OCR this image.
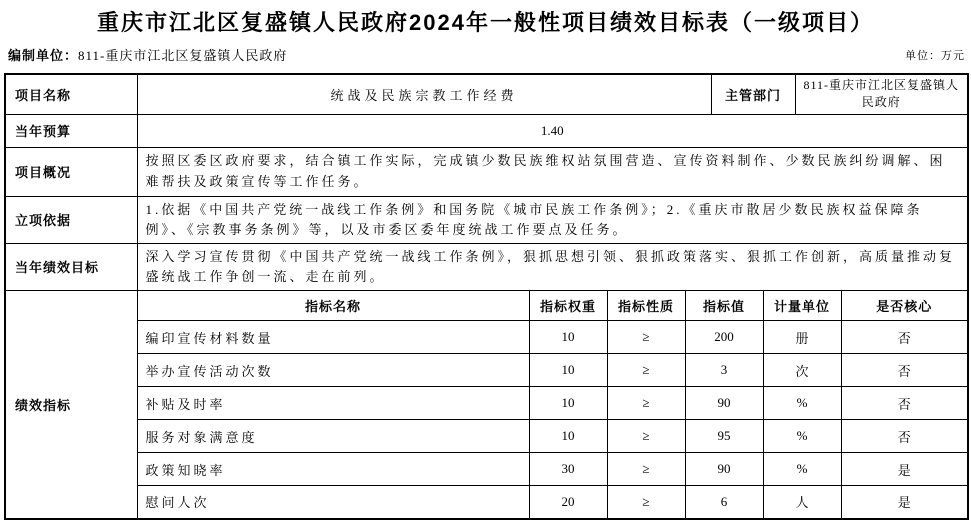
重庆市江北区复盛镇人民政府2024年一般性项目绩效目标表（一级项目）
编制单位：811-重庆市江北区复盛镇人民政府	单位：万元
项目名称	统战及民族宗教工作经费				主管部门		811-重庆市江北区复盛镇人民政府	
当年预算	1.40							
项目概况	按照区委区政府要求，结合镇工作实际，完成镇少数民族维权站氛围营造、宣传资料制作、少数民族纠纷调解、困难帮扶及政策宣传等工作任务。							
立项依据	1.依据《中国共产党统一战线工作条例》和国务院《城市民族工作条例》；2.《重庆市散居少数民族权益保障条例》、《宗教事务条例》等，以及市委区委年度统战工作要点及任务。							
当年绩效目标	深入学习宣传贯彻《中国共产党统一战线工作条例》，狠抓思想引领、狠抓政策落实、狠抓工作创新，高质量推动复盛统战工作争创一流、走在前列。							
绩效指标	指标名称	指标权重	指标性质	指标值		计量单位		是否核心
	编印宣传材料数量	10	≥	200		册		否
	举办宣传活动次数	10	≥	3		次		否
	补贴及时率	10	≥	90		%		否
	服务对象满意度	10	≥	95		%		否
	政策知晓率	30	≥	90		%		是
	慰问人次	20	≥	6		人		是
